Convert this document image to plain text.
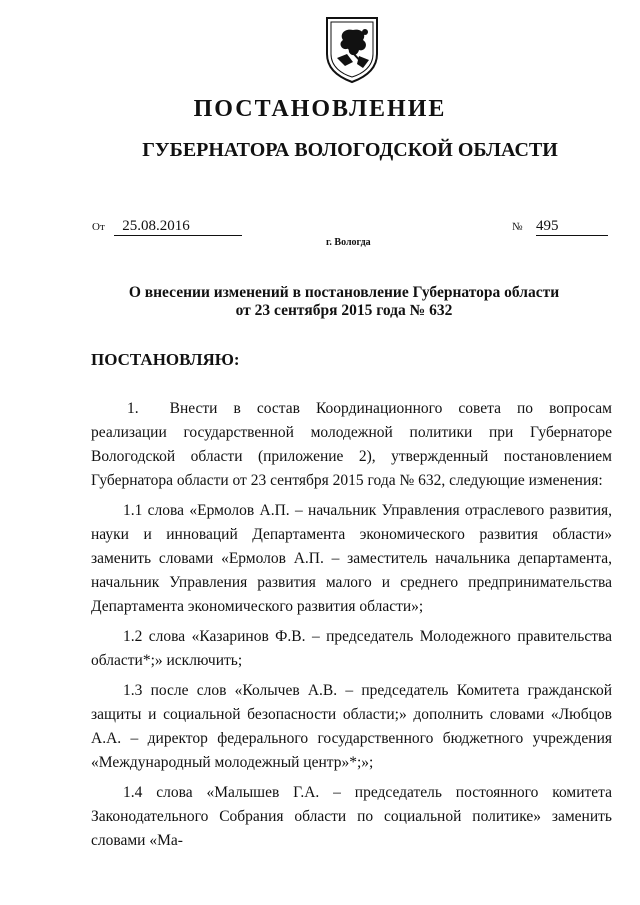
ПОСТАНОВЛЕНИЕ
ГУБЕРНАТОРА ВОЛОГОДСКОЙ ОБЛАСТИ
От 25.08.2016	№ 495
г. Вологда
О внесении изменений в постановление Губернатора области
от 23 сентября 2015 года № 632
ПОСТАНОВЛЯЮ:

1.  Внести в состав Координационного совета по вопросам реализации государственной молодежной политики при Губернаторе Вологодской области (приложение 2), утвержденный постановлением Губернатора области от 23 сентября 2015 года № 632, следующие изменения:

1.1 слова «Ермолов А.П. – начальник Управления отраслевого развития, науки и инноваций Департамента экономического развития области» заменить словами «Ермолов А.П. – заместитель начальника департамента, начальник Управления развития малого и среднего предпринимательства Департамента экономического развития области»;

1.2 слова «Казаринов Ф.В. – председатель Молодежного правительства области*;» исключить;

1.3 после слов «Колычев А.В. – председатель Комитета гражданской защиты и социальной безопасности области;» дополнить словами «Любцов А.А. – директор федерального государственного бюджетного учреждения «Международный молодежный центр»*;»;

1.4 слова «Малышев Г.А. – председатель постоянного комитета Законодательного Собрания области по социальной политике» заменить словами «Ма-
